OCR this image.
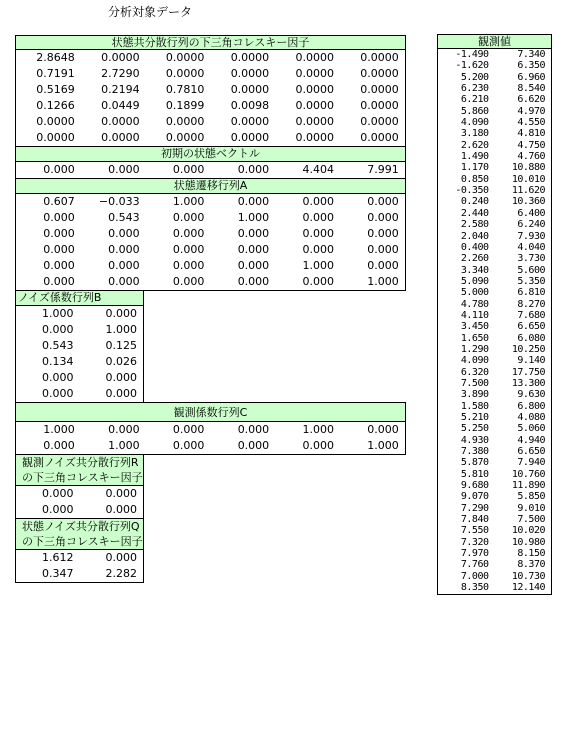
分析対象データ
状態共分散行列の下三角コレスキー因子
2.8648	0.0000	0.0000	0.0000	0.0000	0.0000
0.7191	2.7290	0.0000	0.0000	0.0000	0.0000
0.5169	0.2194	0.7810	0.0000	0.0000	0.0000
0.1266	0.0449	0.1899	0.0098	0.0000	0.0000
0.0000	0.0000	0.0000	0.0000	0.0000	0.0000
0.0000	0.0000	0.0000	0.0000	0.0000	0.0000
初期の状態ベクトル
0.000	0.000	0.000	0.000	4.404	7.991
状態遷移行列A
0.607	−0.033	1.000	0.000	0.000	0.000
0.000	0.543	0.000	1.000	0.000	0.000
0.000	0.000	0.000	0.000	0.000	0.000
0.000	0.000	0.000	0.000	0.000	0.000
0.000	0.000	0.000	0.000	1.000	0.000
0.000	0.000	0.000	0.000	0.000	1.000
ノイズ係数行列B
1.000	0.000
0.000	1.000
0.543	0.125
0.134	0.026
0.000	0.000
0.000	0.000
観測係数行列C
1.000	0.000	0.000	0.000	1.000	0.000
0.000	1.000	0.000	0.000	0.000	1.000
観測ノイズ共分散行列R
の下三角コレスキー因子
0.000	0.000
0.000	0.000
状態ノイズ共分散行列Q
の下三角コレスキー因子
1.612	0.000
0.347	2.282
観測値
-1.490	7.340
-1.620	6.350
5.200	6.960
6.230	8.540
6.210	6.620
5.860	4.970
4.090	4.550
3.180	4.810
2.620	4.750
1.490	4.760
1.170	10.880
0.850	10.010
-0.350	11.620
0.240	10.360
2.440	6.400
2.580	6.240
2.040	7.930
0.400	4.040
2.260	3.730
3.340	5.600
5.090	5.350
5.000	6.810
4.780	8.270
4.110	7.680
3.450	6.650
1.650	6.080
1.290	10.250
4.090	9.140
6.320	17.750
7.500	13.300
3.890	9.630
1.580	6.800
5.210	4.080
5.250	5.060
4.930	4.940
7.380	6.650
5.870	7.940
5.810	10.760
9.680	11.890
9.070	5.850
7.290	9.010
7.840	7.500
7.550	10.020
7.320	10.980
7.970	8.150
7.760	8.370
7.000	10.730
8.350	12.140
